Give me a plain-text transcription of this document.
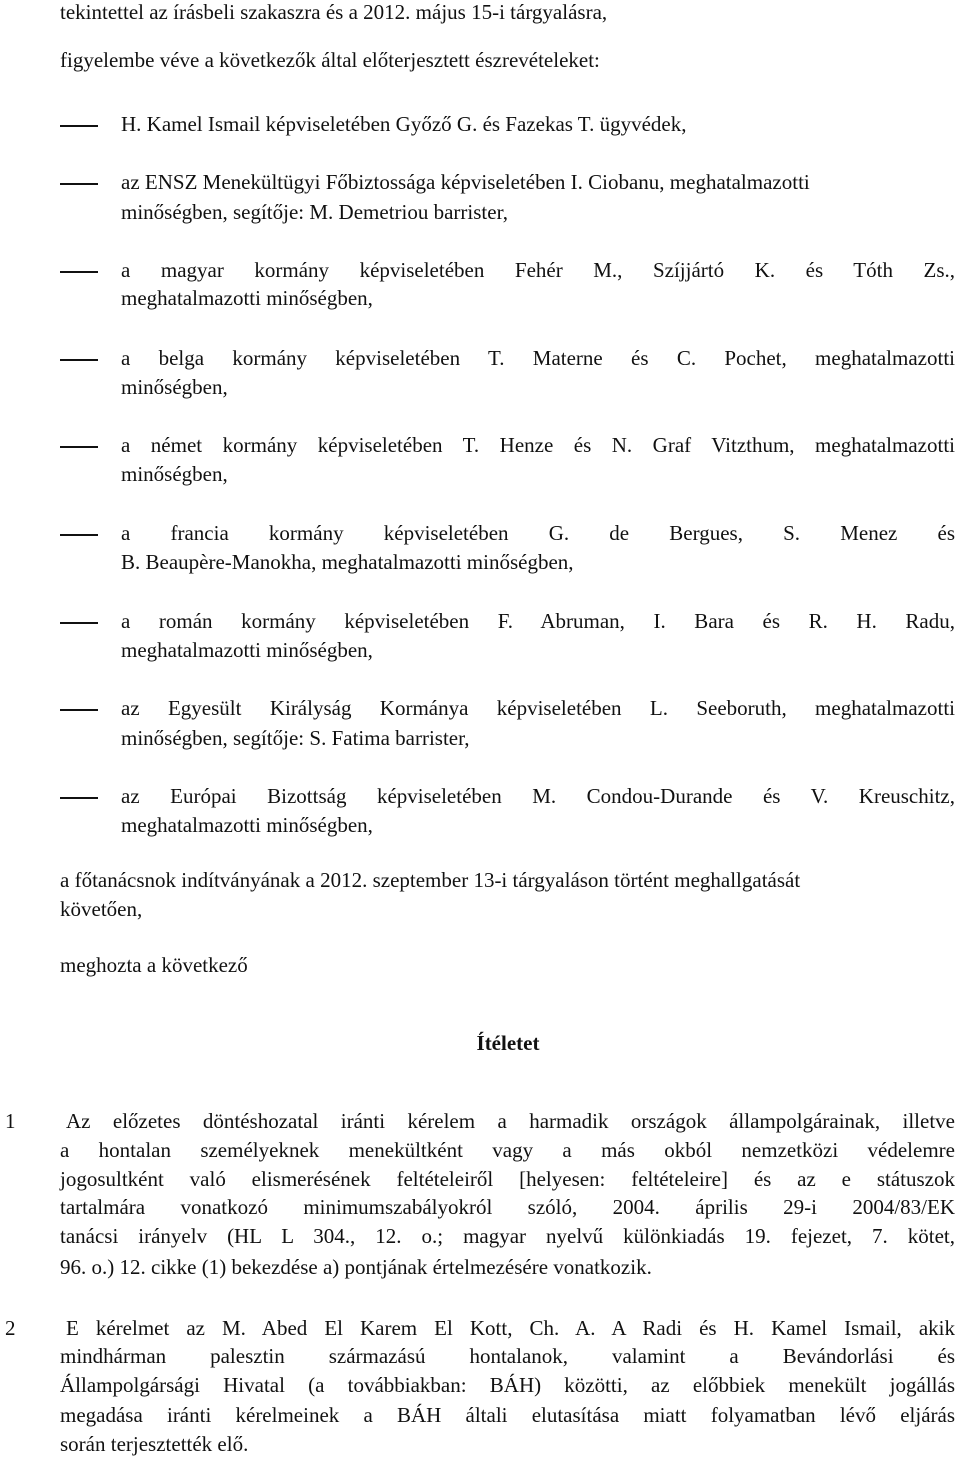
tekintettel az írásbeli szakaszra és a 2012. május 15-i tárgyalásra,
figyelembe véve a következők által előterjesztett észrevételeket:
H. Kamel Ismail képviseletében Győző G. és Fazekas T. ügyvédek,
az ENSZ Menekültügyi Főbiztossága képviseletében I. Ciobanu, meghatalmazotti
minőségben, segítője: M. Demetriou barrister,
a magyar kormány képviseletében Fehér M., Szíjjártó K. és Tóth Zs.,
meghatalmazotti minőségben,
a belga kormány képviseletében T. Materne és C. Pochet, meghatalmazotti
minőségben,
a német kormány képviseletében T. Henze és N. Graf Vitzthum, meghatalmazotti
minőségben,
a francia kormány képviseletében G. de Bergues, S. Menez és
B. Beaupère-Manokha, meghatalmazotti minőségben,
a román kormány képviseletében F. Abruman, I. Bara és R. H. Radu,
meghatalmazotti minőségben,
az Egyesült Királyság Kormánya képviseletében L. Seeboruth, meghatalmazotti
minőségben, segítője: S. Fatima barrister,
az Európai Bizottság képviseletében M. Condou-Durande és V. Kreuschitz,
meghatalmazotti minőségben,
a főtanácsnok indítványának a 2012. szeptember 13-i tárgyaláson történt meghallgatását
követően,
meghozta a következő
Ítéletet
1 Az előzetes döntéshozatal iránti kérelem a harmadik országok állampolgárainak, illetve
a hontalan személyeknek menekültként vagy a más okból nemzetközi védelemre
jogosultként való elismerésének feltételeiről [helyesen: feltételeire] és az e státuszok
tartalmára vonatkozó minimumszabályokról szóló, 2004. április 29-i 2004/83/EK
tanácsi irányelv (HL L 304., 12. o.; magyar nyelvű különkiadás 19. fejezet, 7. kötet,
96. o.) 12. cikke (1) bekezdése a) pontjának értelmezésére vonatkozik.
2 E kérelmet az M. Abed El Karem El Kott, Ch. A. A Radi és H. Kamel Ismail, akik
mindhárman palesztin származású hontalanok, valamint a Bevándorlási és
Állampolgársági Hivatal (a továbbiakban: BÁH) közötti, az előbbiek menekült jogállás
megadása iránti kérelmeinek a BÁH általi elutasítása miatt folyamatban lévő eljárás
során terjesztették elő.
